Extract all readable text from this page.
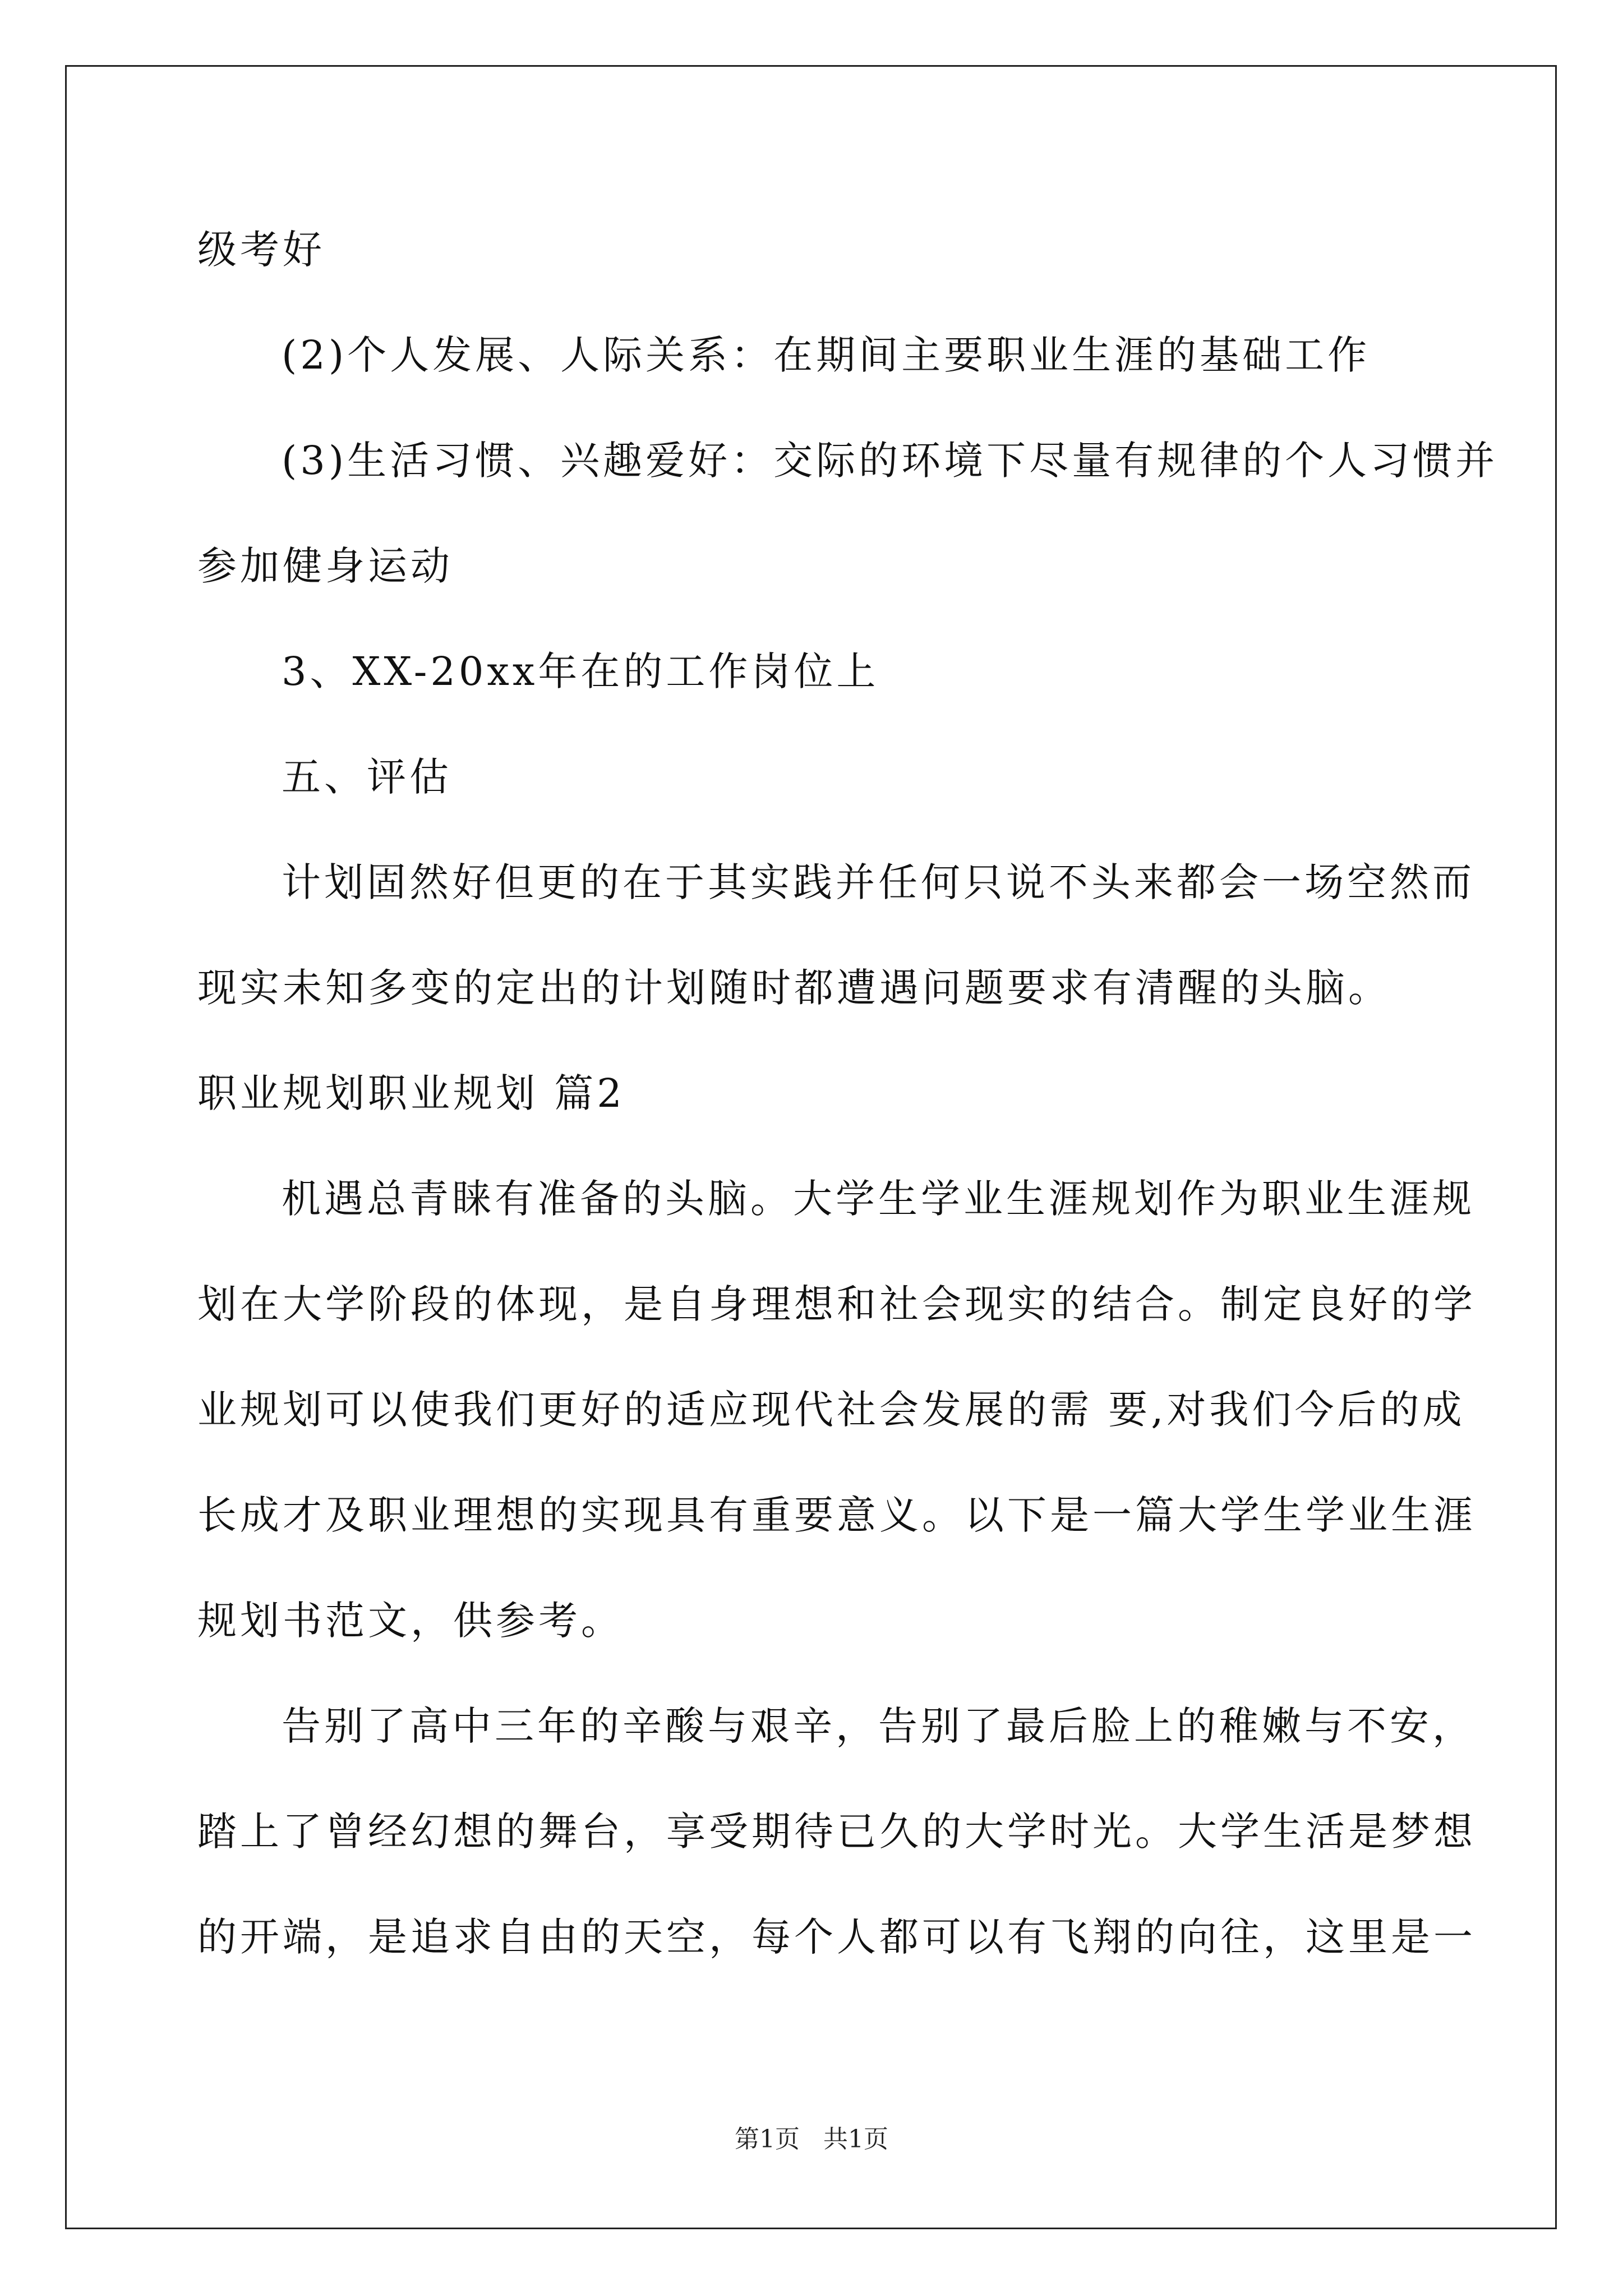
级考好

(2)个人发展、人际关系：在期间主要职业生涯的基础工作

(3)生活习惯、兴趣爱好：交际的环境下尽量有规律的个人习惯并

参加健身运动

3、XX-20xx年在的工作岗位上

五、评估

计划固然好但更的在于其实践并任何只说不头来都会一场空然而

现实未知多变的定出的计划随时都遭遇问题要求有清醒的头脑。

职业规划职业规划 篇2

机遇总青睐有准备的头脑。大学生学业生涯规划作为职业生涯规

划在大学阶段的体现，是自身理想和社会现实的结合。制定良好的学

业规划可以使我们更好的适应现代社会发展的需 要,对我们今后的成

长成才及职业理想的实现具有重要意义。以下是一篇大学生学业生涯

规划书范文，供参考。

告别了高中三年的辛酸与艰辛，告别了最后脸上的稚嫩与不安，

踏上了曾经幻想的舞台，享受期待已久的大学时光。大学生活是梦想

的开端，是追求自由的天空，每个人都可以有飞翔的向往，这里是一

第1页   共1页
